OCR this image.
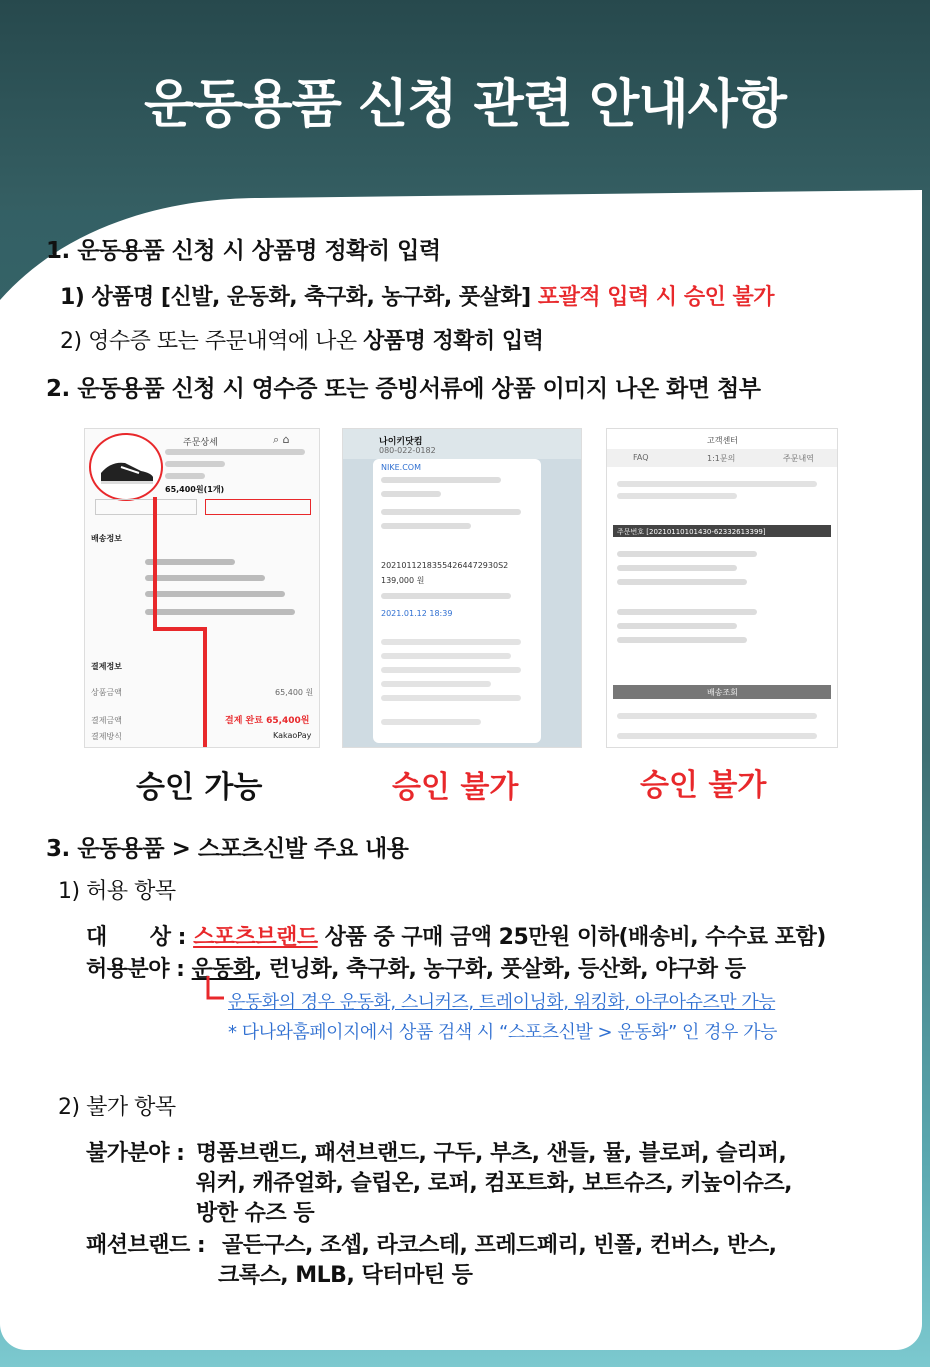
운동용품 신청 관련 안내사항
1. 운동용품 신청 시 상품명 정확히 입력
1) 상품명 [신발, 운동화, 축구화, 농구화, 풋살화] 포괄적 입력 시 승인 불가
2) 영수증 또는 주문내역에 나온 상품명 정확히 입력
2. 운동용품 신청 시 영수증 또는 증빙서류에 상품 이미지 나온 화면 첨부
주문상세	⌕ ⌂
65,400원(1개)
배송정보
결제정보
상품금액	65,400 원
결제금액	결제 완료 65,400원
결제방식	KakaoPay
나이키닷컴
080-022-0182
NIKE.COM
20210112183554264472930S2
139,000 원
2021.01.12 18:39
고객센터
FAQ	1:1문의	주문내역
주문번호 [20210110101430-62332613399]
배송조회
승인 가능	승인 불가	승인 불가
3. 운동용품 > 스포츠신발 주요 내용
1) 허용 항목
대      상 : 스포츠브랜드 상품 중 구매 금액 25만원 이하(배송비, 수수료 포함)
허용분야 : 운동화, 런닝화, 축구화, 농구화, 풋살화, 등산화, 야구화 등
운동화의 경우 운동화, 스니커즈, 트레이닝화, 워킹화, 아쿠아슈즈만 가능
* 다나와홈페이지에서 상품 검색 시 “스포츠신발 > 운동화” 인 경우 가능
2) 불가 항목
불가분야 : 명품브랜드, 패션브랜드, 구두, 부츠, 샌들, 뮬, 블로퍼, 슬리퍼,
워커, 캐쥬얼화, 슬립온, 로퍼, 컴포트화, 보트슈즈, 키높이슈즈,
방한 슈즈 등
패션브랜드 : 골든구스, 조셉, 라코스테, 프레드페리, 빈폴, 컨버스, 반스,
크록스, MLB, 닥터마틴 등
